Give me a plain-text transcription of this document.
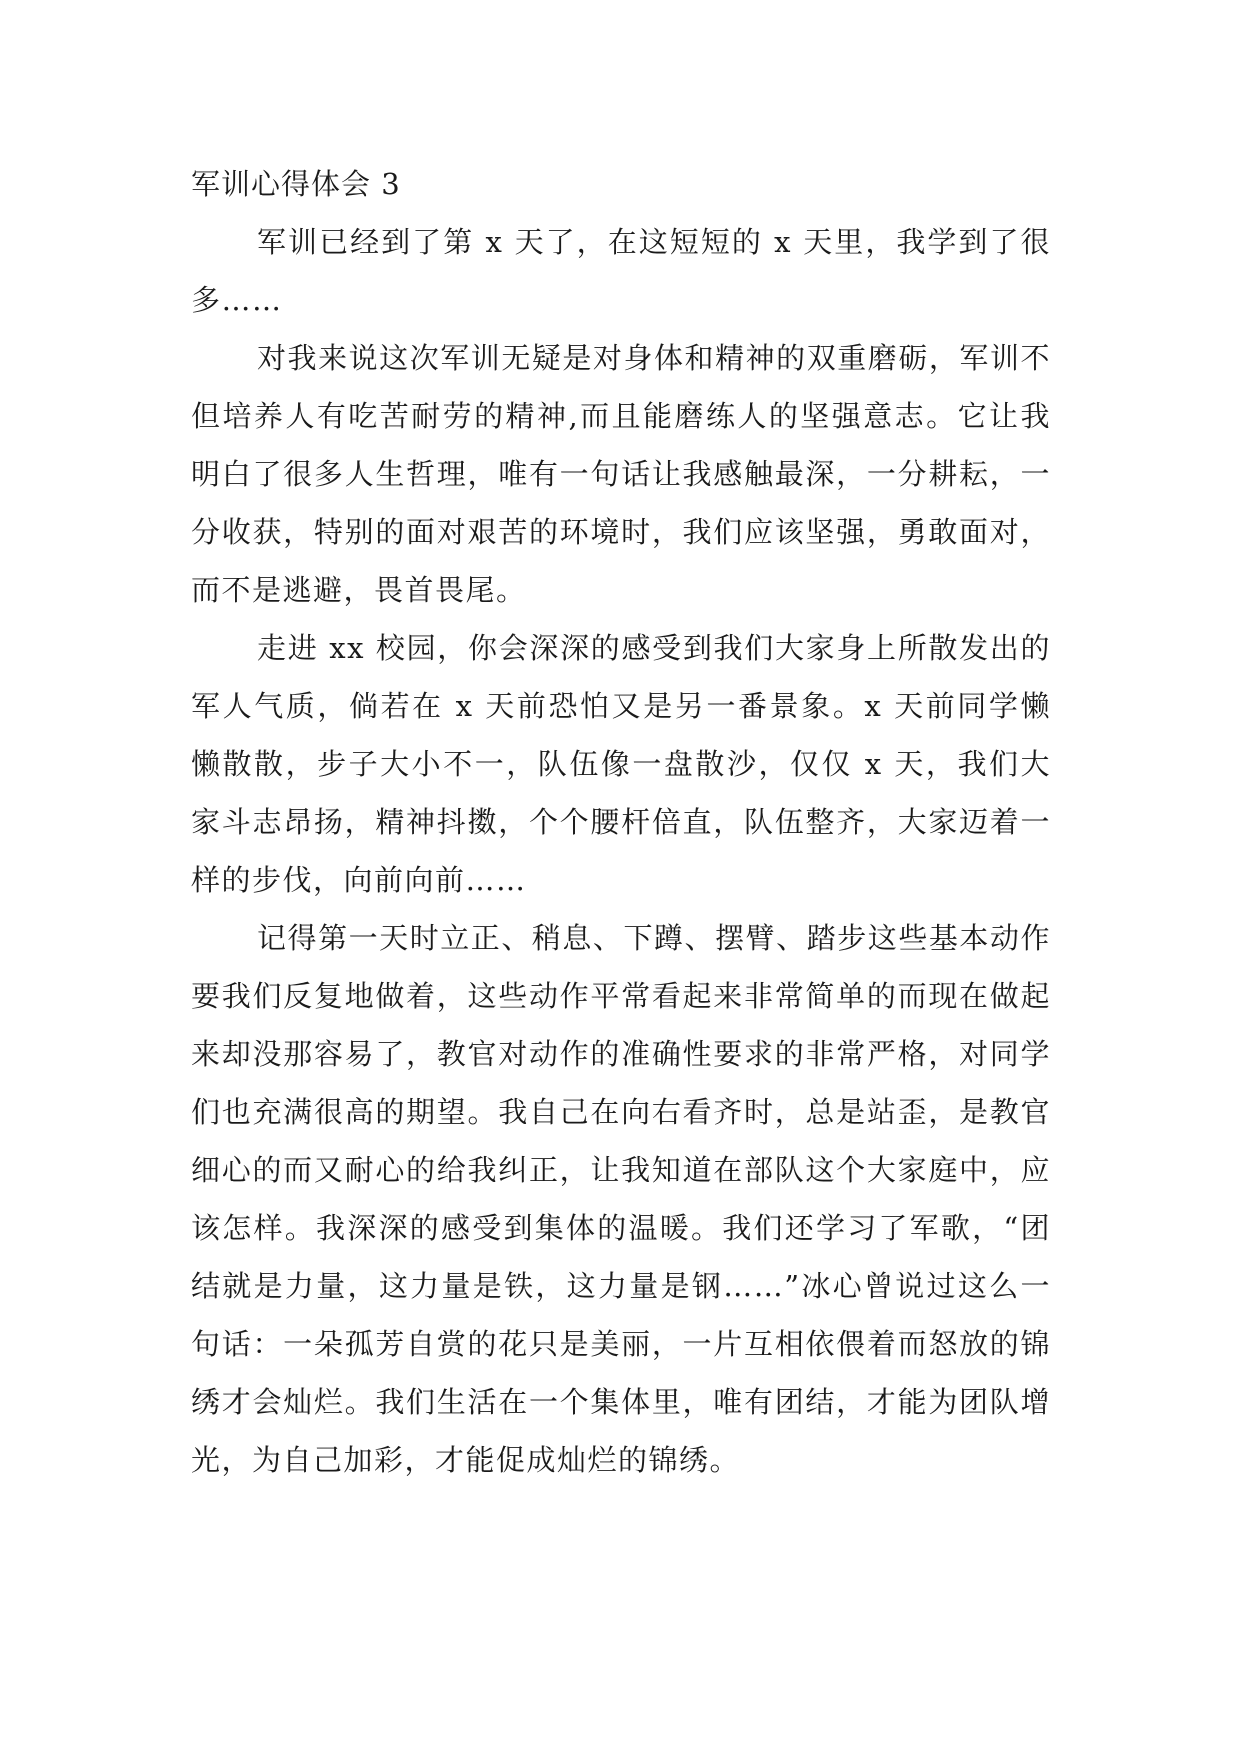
军训心得体会 3

军训已经到了第 x 天了，在这短短的 x 天里，我学到了很多……

对我来说这次军训无疑是对身体和精神的双重磨砺，军训不但培养人有吃苦耐劳的精神,而且能磨练人的坚强意志。它让我明白了很多人生哲理，唯有一句话让我感触最深，一分耕耘，一分收获，特别的面对艰苦的环境时，我们应该坚强，勇敢面对，而不是逃避，畏首畏尾。

走进 xx 校园，你会深深的感受到我们大家身上所散发出的军人气质，倘若在 x 天前恐怕又是另一番景象。x 天前同学懒懒散散，步子大小不一，队伍像一盘散沙，仅仅 x 天，我们大家斗志昂扬，精神抖擞，个个腰杆倍直，队伍整齐，大家迈着一样的步伐，向前向前……

记得第一天时立正、稍息、下蹲、摆臂、踏步这些基本动作要我们反复地做着，这些动作平常看起来非常简单的而现在做起来却没那容易了，教官对动作的准确性要求的非常严格，对同学们也充满很高的期望。我自己在向右看齐时，总是站歪，是教官细心的而又耐心的给我纠正，让我知道在部队这个大家庭中，应该怎样。我深深的感受到集体的温暖。我们还学习了军歌，“团结就是力量，这力量是铁，这力量是钢……”冰心曾说过这么一句话：一朵孤芳自赏的花只是美丽，一片互相依偎着而怒放的锦绣才会灿烂。我们生活在一个集体里，唯有团结，才能为团队增光，为自己加彩，才能促成灿烂的锦绣。
